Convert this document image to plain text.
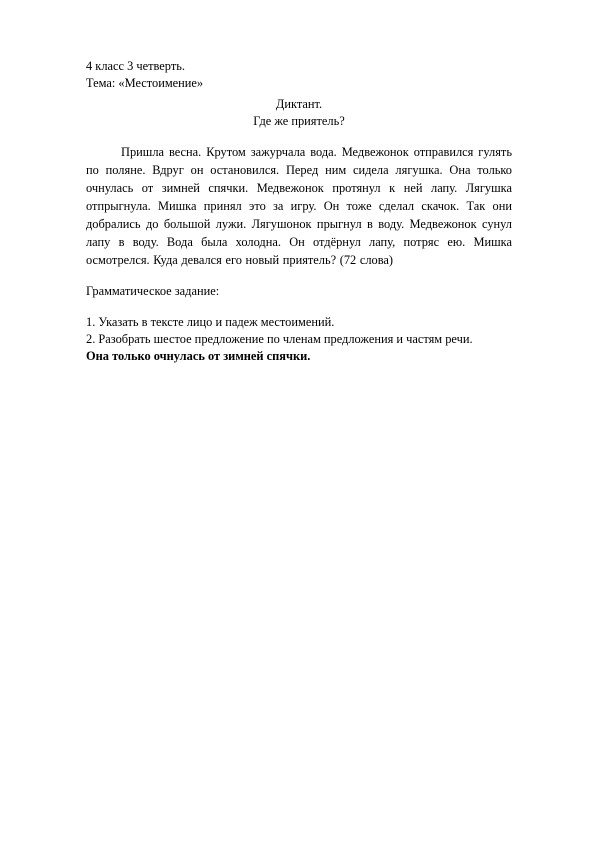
4 класс 3 четверть.
Тема: «Местоимение»
Диктант.
Где же приятель?

Пришла весна. Крутом зажурчала вода. Медвежонок отправился гулять по поляне. Вдруг он остановился. Перед ним сидела лягушка. Она только очнулась от зимней спячки. Медвежонок протянул к ней лапу. Лягушка отпрыгнула. Мишка принял это за игру. Он тоже сделал скачок. Так они добрались до большой лужи. Лягушонок прыгнул в воду. Медвежонок сунул лапу в воду. Вода была холодна. Он отдёрнул лапу, потряс ею. Мишка осмотрелся. Куда девался его новый приятель? (72 слова)

Грамматическое задание:
1. Указать в тексте лицо и падеж местоимений.
2. Разобрать шестое предложение по членам предложения и частям речи.
Она только очнулась от зимней спячки.
